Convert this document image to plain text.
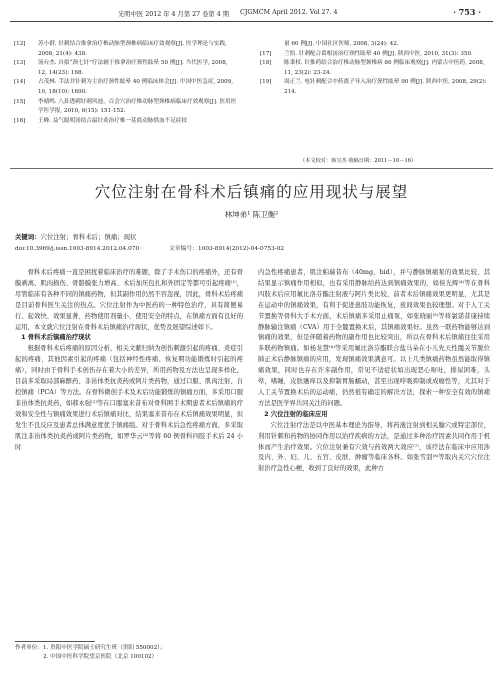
光明中医 2012 年 4 月第 27 卷第 4 期 CJGMCM April 2012. Vol 27. 4	· 753 ·
[12] 苏小群. 针刺结合推拿治疗椎动脉型颈椎病临床疗效观察[J]. 医学理论与实践, 2008, 21(4): 438.
[13] 汤台杰. 自拟“颈七针”疗法辅于推拿治疗颈性眩晕 50 例[J]. 当代医学, 2008, 12, 14(23): 168.
[14] 占茂林. 手法并针刺为主治疗颈性眩晕 40 例临床体会[J]. 中国中医急症, 2009, 10, 18(10): 1690.
[15] 李晴鸣. 八卦透刺针刺风池、百会穴治疗椎动脉型颈椎病临床疗效观察[J]. 医用医学医学报, 2010, 6(15): 151-152.
[16] 王峰. 益气聪明汤结合温针灸治疗椎一基底动脉供血不足症较
量 60 例[J]. 中国社区医师, 2008, 3(24): 42.
[17] 兰恰. 针刺配合葛根汤治疗颈性眩晕 40 例[J]. 陕西中医, 2010, 31(3): 350.
[18] 陈秉权. 针推药结合治疗椎动脉型颈椎病 86 例临床观察[J]. 内蒙古中医药, 2008, 11, 23(2): 23-24.
[19] 周正兰. 电针刺配合中药离子导入治疗颈性眩晕 90 例[J]. 陕西中医, 2008, 29(2): 214.
（本文校对：韩宝杰 收稿日期：2011－10－16）
穴位注射在骨科术后镇痛的应用现状与展望
林坤弟¹ 陈卫衡²
关键词：穴位注射；骨科术后；镇痛；现状
doi:10.3969/j.issn.1003-8914.2012.04.070	文章编号：1003-8914(2012)-04-0753-02

骨科术后疼痛一直是困扰着临床治疗的难题，除了手术伤口的疼痛外，还有骨膜剥离、肌肉损伤、骨骼膜张力增高、术后加压包扎和外固定等都可引起疼痛⁽¹⁾，尽管临床有各种不同的镇痛药物，但其副作用仍然不容忽视，因此，骨科术后疼痛是目前骨科医生关注的热点。穴位注射作为中医药的一种特色治疗，具有简便易行、起效快、效果显著、药物使用剂量小、使用安全的特点，在镇痛方面有良好的运用，本文就穴位注射在骨科术后镇痛治疗现状，优势及展望综述如下。

1 骨科术后镇痛治疗现状

根据骨科术后疼痛的原因分析，相关文献归纳为创伤刺激引起的疼痛、炎症引起的疼痛、其他因素引起的疼痛（包括神经性疼痛、恢复期功能锻炼时引起的疼痛），同时由于骨科手术创伤存在着大小的差异，所用药物及方法也呈现多样化，目前多采取局部麻醉药、非甾体类抗炎药或阿片类药物，通过口服、肌肉注射、自控镇痛（PCA）等方法。在骨科微创手术及术后功能锻炼的镇痛方面，多采用口服非甾体类抗炎药，如郝永强⁽²⁾等在口服塞来昔布对骨科围手术期患者术后镇痛的疗效和安全性与镇痛效果进行术后镇痛对比，结果塞来昔布在术后镇痛效果明显，但发生不良反应及患者总体满意度优于镇痛组。对于骨科术后急性疼痛方面，多采取肌注非甾体类抗炎药或阿片类药物，如罗华云⁽³⁾等将 60 例骨科四肢手术后 24 小时

内急性疼痛患者，肌注帕瑞昔布（40mg，bid），并与静脉镇痛泵的效果比较，其结果显示镇痛作用相似，也有采用静脉给药达到镇痛效果的，如侯光辉⁽⁴⁾等在骨科四肢术后应用氟比洛芬酯注射液与阿片类比较，前者术后镇痛效果更明显，尤其是在运动中的镇痛效果，有利于促进患肢功能恢复，夜间效果也较理想。对于人工关节置换等骨科大手术方面，术后镇痛多采用止痛泵，如张晓丽⁽⁵⁾等将氯诺昔康持续静脉输注镇痛（CVA）用于全髋置换术后，其镇痛效果好。虽然一联药物能够达到镇痛的效果，但是伴随着药物的副作用也比较突出，所以在骨科术后镇痛往往采用多联药物镇痛。如杨龙慧⁽⁶⁾等采用氟比洛芬酯联合盐马朵在小儿先天性髋关节脱位肺正术后静脉镇痛的应用，发现镇痛效果满意可。以上几类镇痛药物虽然能取得镇痛效果，同时也存在许多副作用，常见不适症状如出现恶心呕吐，排尿困难，头晕，嗜睡，皮肤瘙痒以及抑制胃肠蠕动，甚至出现呼吸抑制或成瘾性等，尤其对于人工关节置换术后的运动痛，仍然很有确定的解决方法，探索一种安全有效的镇痛方法是医学界共同关注的问题。

2 穴位注射的临床应用

穴位注射疗法是以中医基本理论为指导，将药液注射到相关腧穴或特定部位，利用针刺和药物的协同作用以治疗疾病的方法，是通过多种治疗因素共同作用于机体而产生治疗效果。穴位注射兼有穴效与药效两大效应⁽⁷⁾，该疗法在临床中应用涉及内、外、妇、儿、五官、皮肤、肿瘤等临床各科。如张雪羽⁽⁸⁾等取内关穴穴位注射治疗急性心梗，收到了良好的效果，此种方

作者单位：1. 贵阳中医学院硕士研究生班（贵阳 550002）；
2. 中国中医科学院望京医院（北京 100102）
